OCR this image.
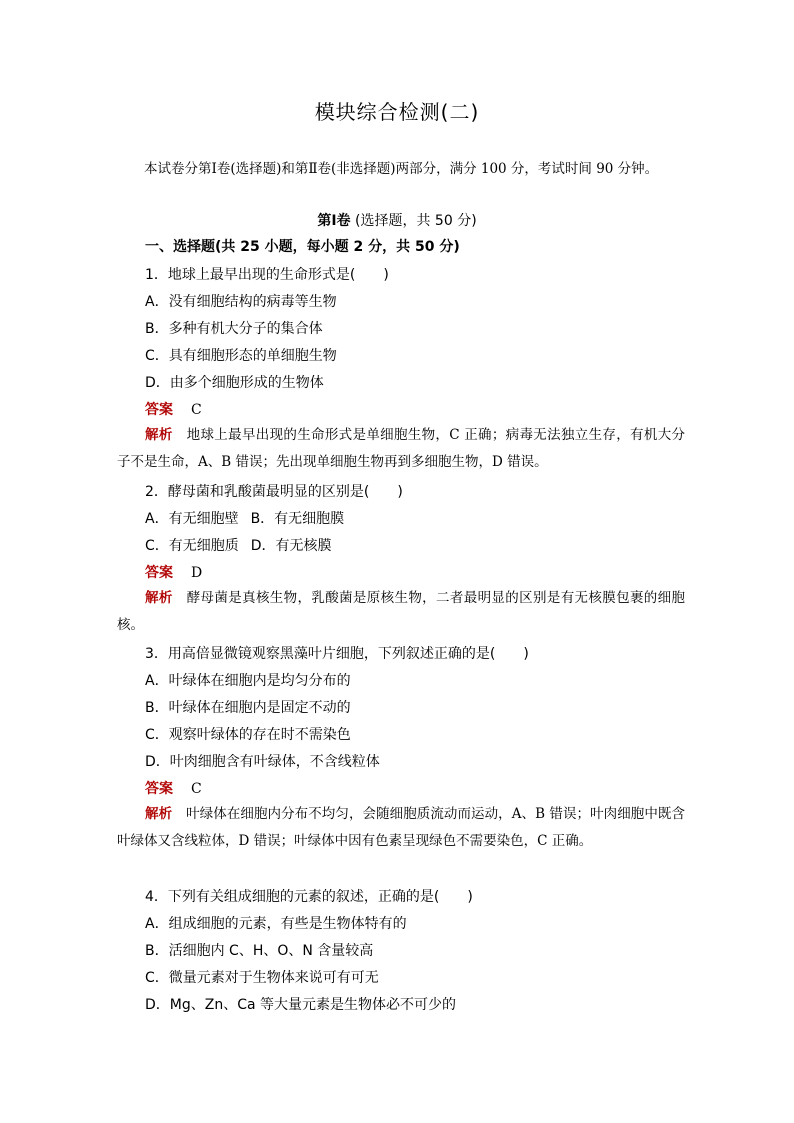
模块综合检测(二)
本试卷分第Ⅰ卷(选择题)和第Ⅱ卷(非选择题)两部分，满分 100 分，考试时间 90 分钟。
第Ⅰ卷 (选择题，共 50 分)
一、选择题(共 25 小题，每小题 2 分，共 50 分)
1．地球上最早出现的生命形式是(　　)
A．没有细胞结构的病毒等生物
B．多种有机大分子的集合体
C．具有细胞形态的单细胞生物
D．由多个细胞形成的生物体
答案 C
解析 地球上最早出现的生命形式是单细胞生物，C 正确；病毒无法独立生存，有机大分子不是生命，A、B 错误；先出现单细胞生物再到多细胞生物，D 错误。
2．酵母菌和乳酸菌最明显的区别是(　　)
A．有无细胞壁 B．有无细胞膜
C．有无细胞质 D．有无核膜
答案 D
解析 酵母菌是真核生物，乳酸菌是原核生物，二者最明显的区别是有无核膜包裹的细胞核。
3．用高倍显微镜观察黑藻叶片细胞，下列叙述正确的是(　　)
A．叶绿体在细胞内是均匀分布的
B．叶绿体在细胞内是固定不动的
C．观察叶绿体的存在时不需染色
D．叶肉细胞含有叶绿体，不含线粒体
答案 C
解析 叶绿体在细胞内分布不均匀，会随细胞质流动而运动，A、B 错误；叶肉细胞中既含叶绿体又含线粒体，D 错误；叶绿体中因有色素呈现绿色不需要染色，C 正确。
4．下列有关组成细胞的元素的叙述，正确的是(　　)
A．组成细胞的元素，有些是生物体特有的
B．活细胞内 C、H、O、N 含量较高
C．微量元素对于生物体来说可有可无
D．Mg、Zn、Ca 等大量元素是生物体必不可少的
